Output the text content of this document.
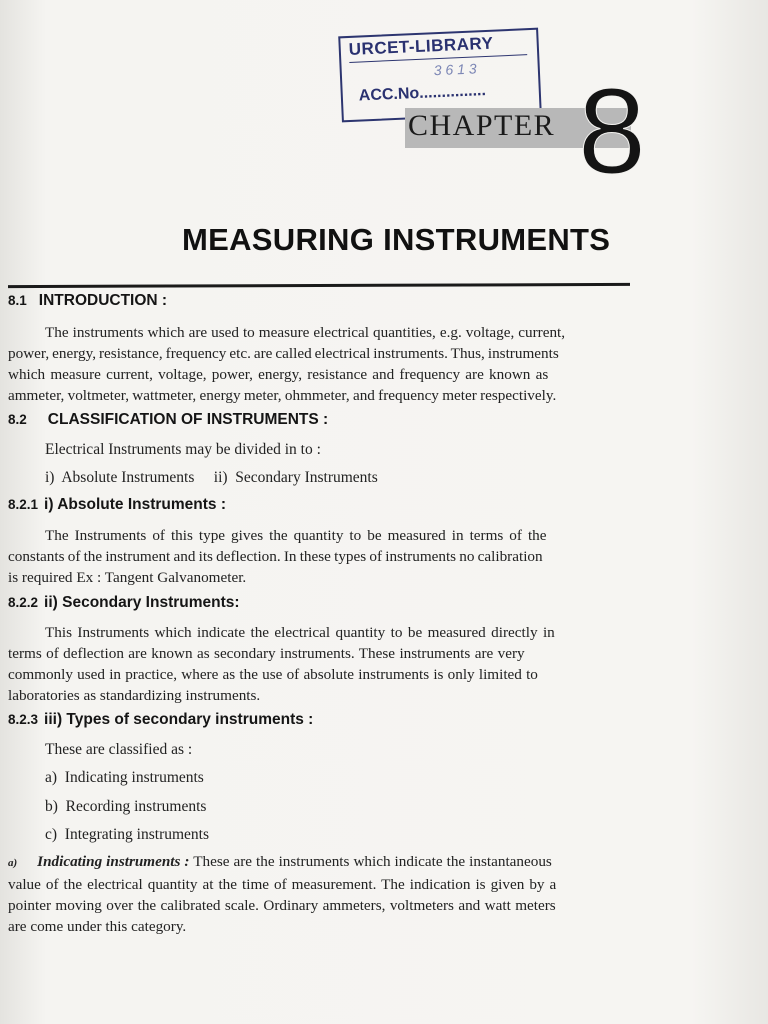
URCET-LIBRARY
3 6 1 3
ACC.No...............
CHAPTER 8
MEASURING INSTRUMENTS
8.1 INTRODUCTION :
The instruments which are used to measure electrical quantities, e.g. voltage, current,
power, energy, resistance, frequency etc. are called electrical instruments. Thus, instruments
which measure current, voltage, power, energy, resistance and frequency are known as
ammeter, voltmeter, wattmeter, energy meter, ohmmeter, and frequency meter respectively.
8.2 CLASSIFICATION OF INSTRUMENTS :
Electrical Instruments may be divided in to :
i)  Absolute Instruments     ii)  Secondary Instruments
8.2.1 i) Absolute Instruments :
The Instruments of this type gives the quantity to be measured in terms of the
constants of the instrument and its deflection. In these types of instruments no calibration
is required Ex : Tangent Galvanometer.
8.2.2 ii) Secondary Instruments:
This Instruments which indicate the electrical quantity to be measured directly in
terms of deflection are known as secondary instruments. These instruments are very
commonly used in practice, where as the use of absolute instruments is only limited to
laboratories as standardizing instruments.
8.2.3 iii) Types of secondary instruments :
These are classified as :
a)  Indicating instruments
b)  Recording instruments
c)  Integrating instruments
a) Indicating instruments : These are the instruments which indicate the instantaneous
value of the electrical quantity at the time of measurement. The indication is given by a
pointer moving over the calibrated scale. Ordinary ammeters, voltmeters and watt meters
are come under this category.
